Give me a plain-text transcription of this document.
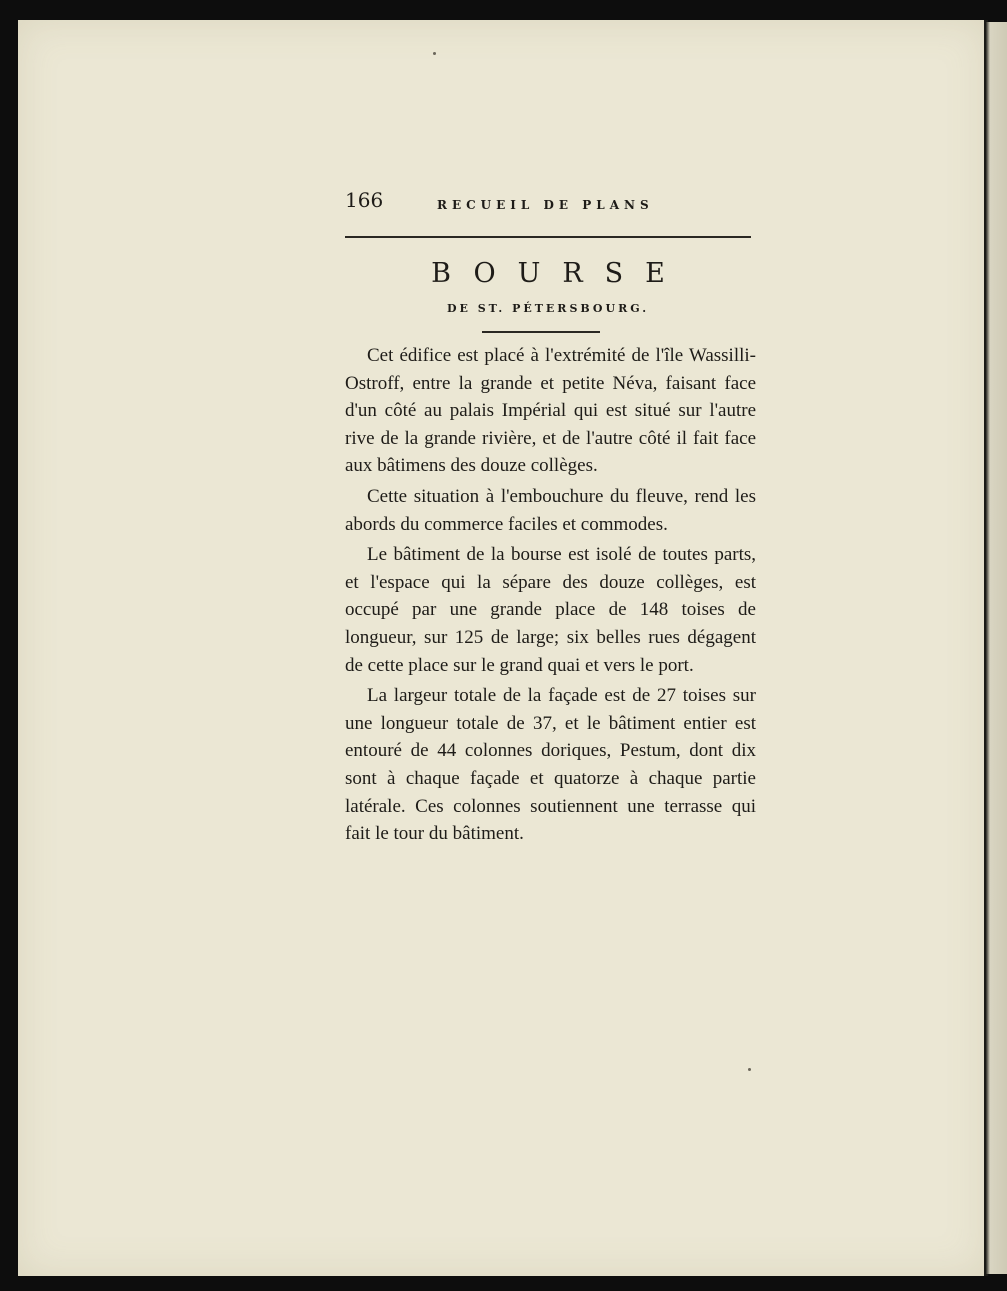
166	RECUEIL DE PLANS
BOURSE
DE ST. PÉTERSBOURG.

Cet édifice est placé à l'extrémité de l'île Wassilli-Ostroff, entre la grande et petite Néva, faisant face d'un côté au palais Impérial qui est situé sur l'autre rive de la grande rivière, et de l'autre côté il fait face aux bâtimens des douze collèges.

Cette situation à l'embouchure du fleuve, rend les abords du commerce faciles et commodes.

Le bâtiment de la bourse est isolé de toutes parts, et l'espace qui la sépare des douze collèges, est occupé par une grande place de 148 toises de longueur, sur 125 de large; six belles rues dégagent de cette place sur le grand quai et vers le port.

La largeur totale de la façade est de 27 toises sur une longueur totale de 37, et le bâtiment entier est entouré de 44 colonnes doriques, Pestum, dont dix sont à chaque façade et quatorze à chaque partie latérale. Ces colonnes soutiennent une terrasse qui fait le tour du bâtiment.
